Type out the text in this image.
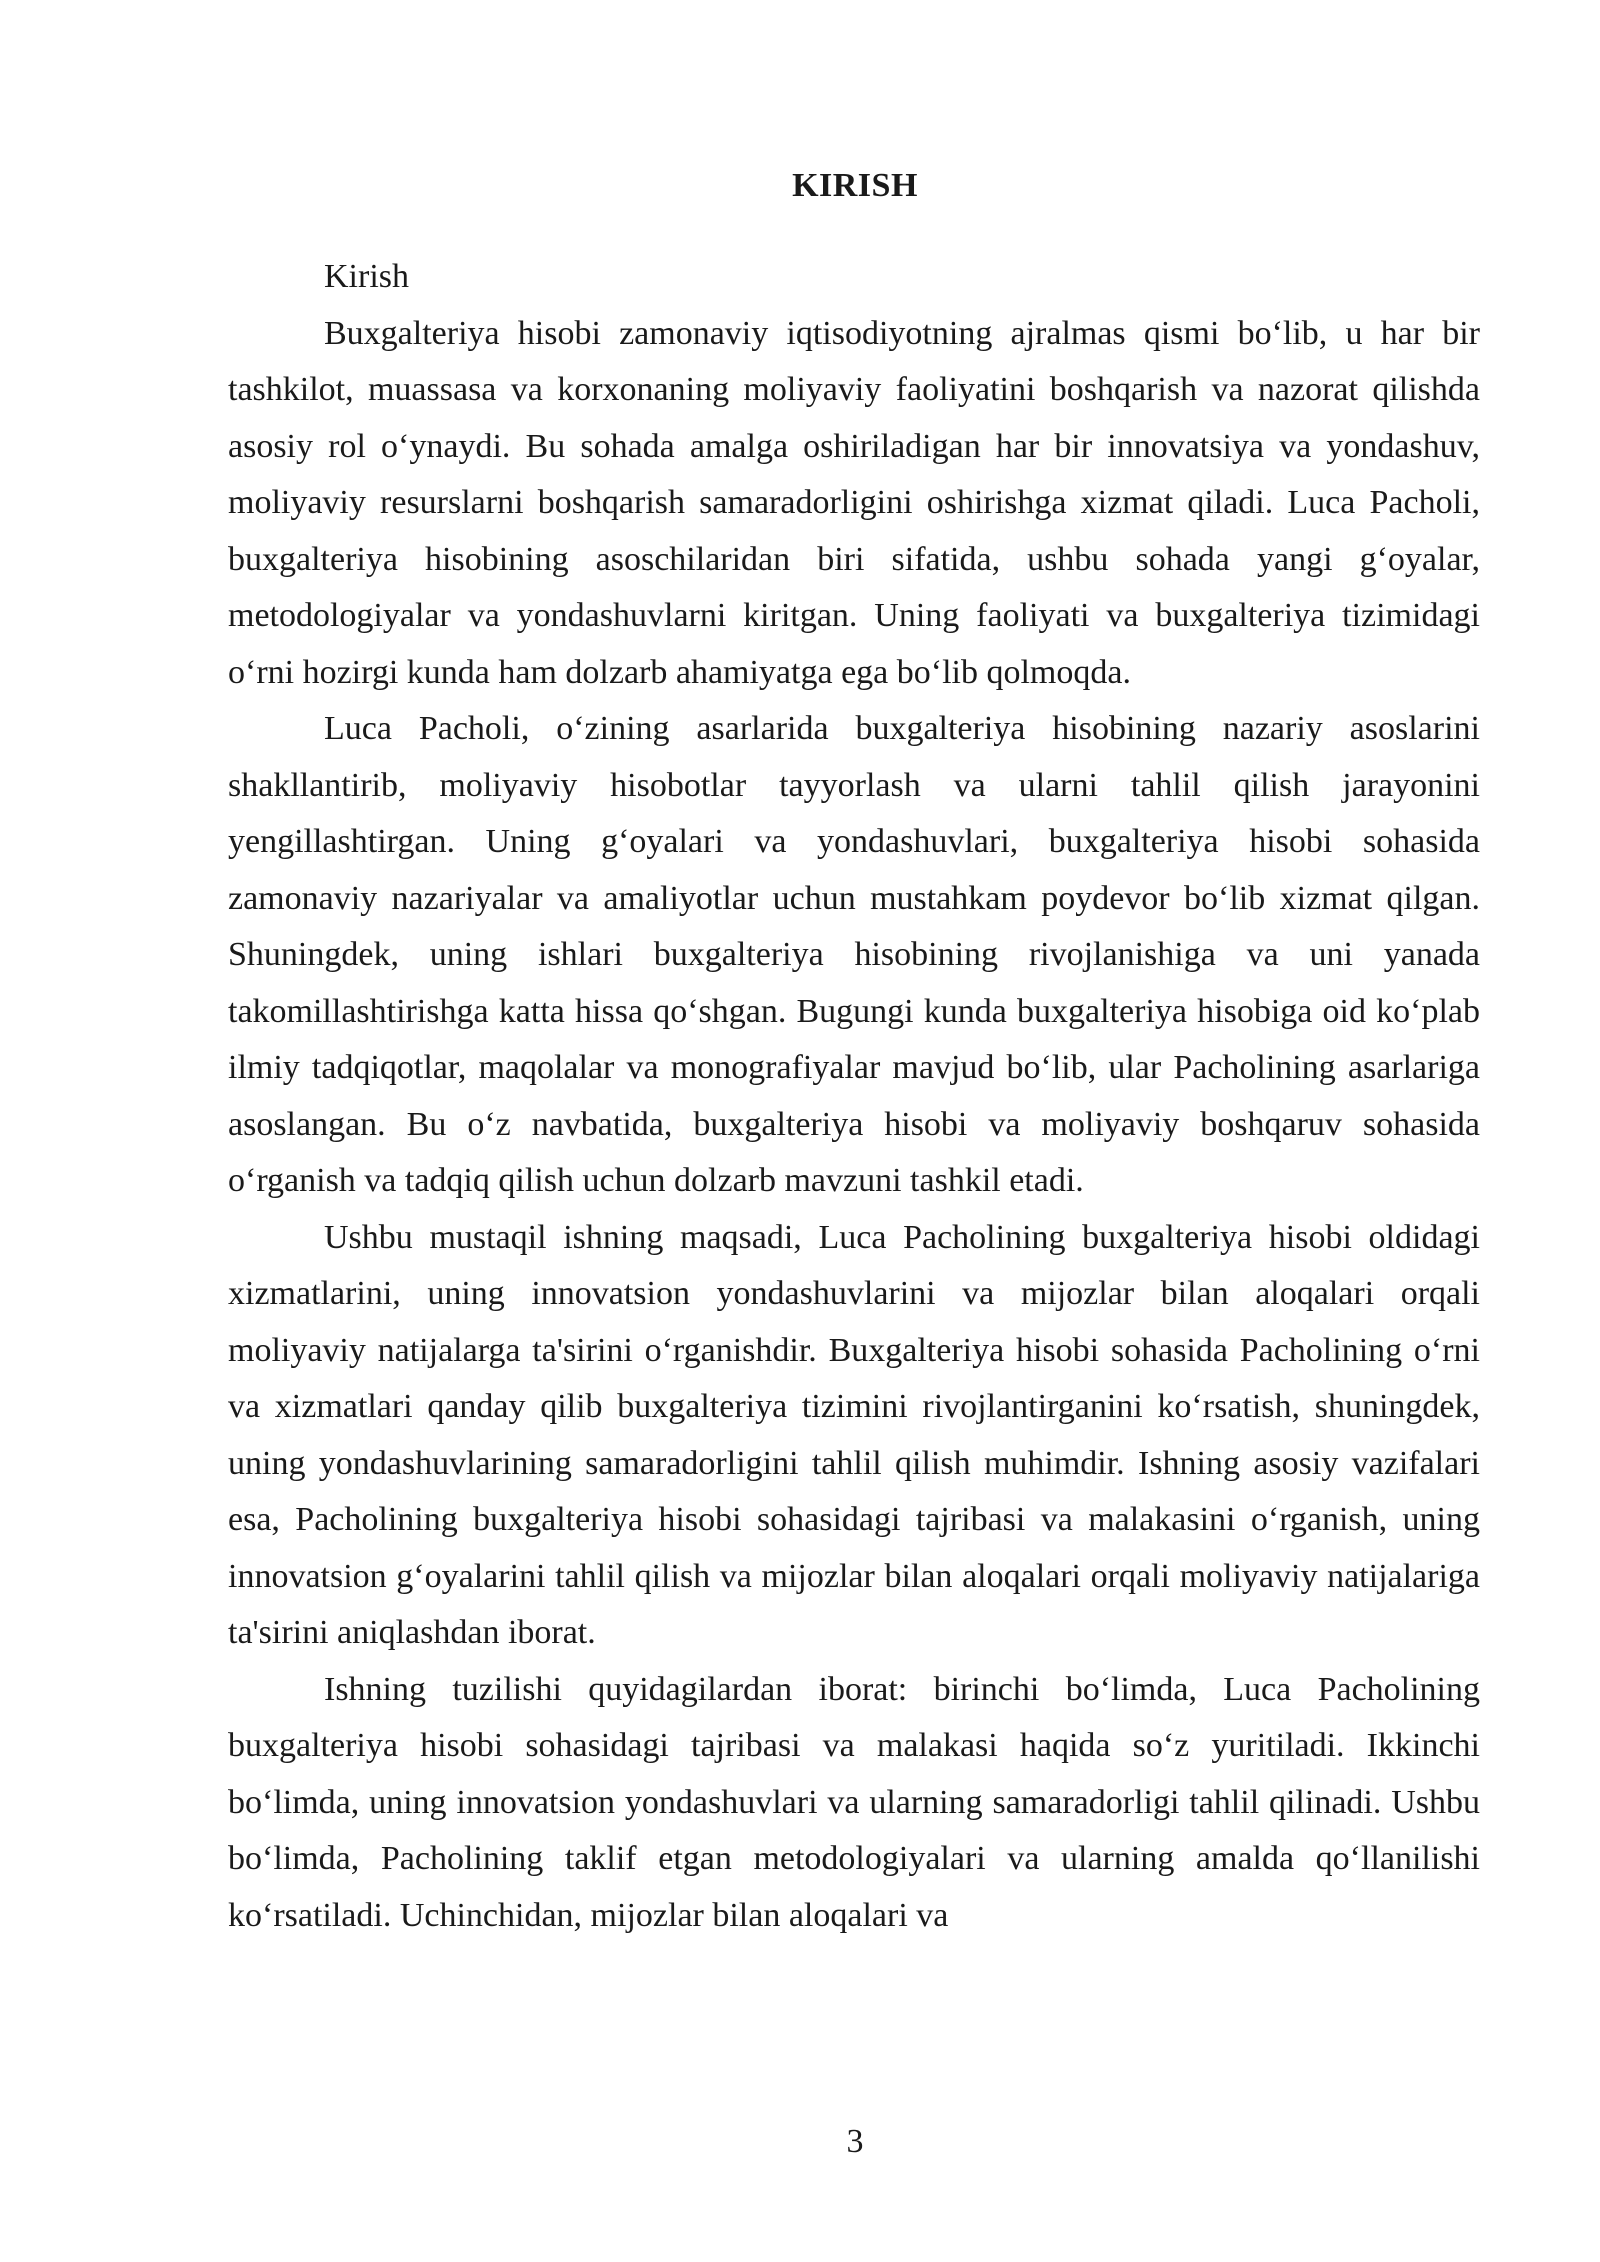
KIRISH

Kirish

Buxgalteriya hisobi zamonaviy iqtisodiyotning ajralmas qismi bo‘lib, u har bir tashkilot, muassasa va korxonaning moliyaviy faoliyatini boshqarish va nazorat qilishda asosiy rol o‘ynaydi. Bu sohada amalga oshiriladigan har bir innovatsiya va yondashuv, moliyaviy resurslarni boshqarish samaradorligini oshirishga xizmat qiladi. Luca Pacholi, buxgalteriya hisobining asoschilaridan biri sifatida, ushbu sohada yangi g‘oyalar, metodologiyalar va yondashuvlarni kiritgan. Uning faoliyati va buxgalteriya tizimidagi o‘rni hozirgi kunda ham dolzarb ahamiyatga ega bo‘lib qolmoqda.

Luca Pacholi, o‘zining asarlarida buxgalteriya hisobining nazariy asoslarini shakllantirib, moliyaviy hisobotlar tayyorlash va ularni tahlil qilish jarayonini yengillashtirgan. Uning g‘oyalari va yondashuvlari, buxgalteriya hisobi sohasida zamonaviy nazariyalar va amaliyotlar uchun mustahkam poydevor bo‘lib xizmat qilgan. Shuningdek, uning ishlari buxgalteriya hisobining rivojlanishiga va uni yanada takomillashtirishga katta hissa qo‘shgan. Bugungi kunda buxgalteriya hisobiga oid ko‘plab ilmiy tadqiqotlar, maqolalar va monografiyalar mavjud bo‘lib, ular Pacholining asarlariga asoslangan. Bu o‘z navbatida, buxgalteriya hisobi va moliyaviy boshqaruv sohasida o‘rganish va tadqiq qilish uchun dolzarb mavzuni tashkil etadi.

Ushbu mustaqil ishning maqsadi, Luca Pacholining buxgalteriya hisobi oldidagi xizmatlarini, uning innovatsion yondashuvlarini va mijozlar bilan aloqalari orqali moliyaviy natijalarga ta'sirini o‘rganishdir. Buxgalteriya hisobi sohasida Pacholining o‘rni va xizmatlari qanday qilib buxgalteriya tizimini rivojlantirganini ko‘rsatish, shuningdek, uning yondashuvlarining samaradorligini tahlil qilish muhimdir. Ishning asosiy vazifalari esa, Pacholining buxgalteriya hisobi sohasidagi tajribasi va malakasini o‘rganish, uning innovatsion g‘oyalarini tahlil qilish va mijozlar bilan aloqalari orqali moliyaviy natijalariga ta'sirini aniqlashdan iborat.

Ishning tuzilishi quyidagilardan iborat: birinchi bo‘limda, Luca Pacholining buxgalteriya hisobi sohasidagi tajribasi va malakasi haqida so‘z yuritiladi. Ikkinchi bo‘limda, uning innovatsion yondashuvlari va ularning samaradorligi tahlil qilinadi. Ushbu bo‘limda, Pacholining taklif etgan metodologiyalari va ularning amalda qo‘llanilishi ko‘rsatiladi. Uchinchidan, mijozlar bilan aloqalari va

3
